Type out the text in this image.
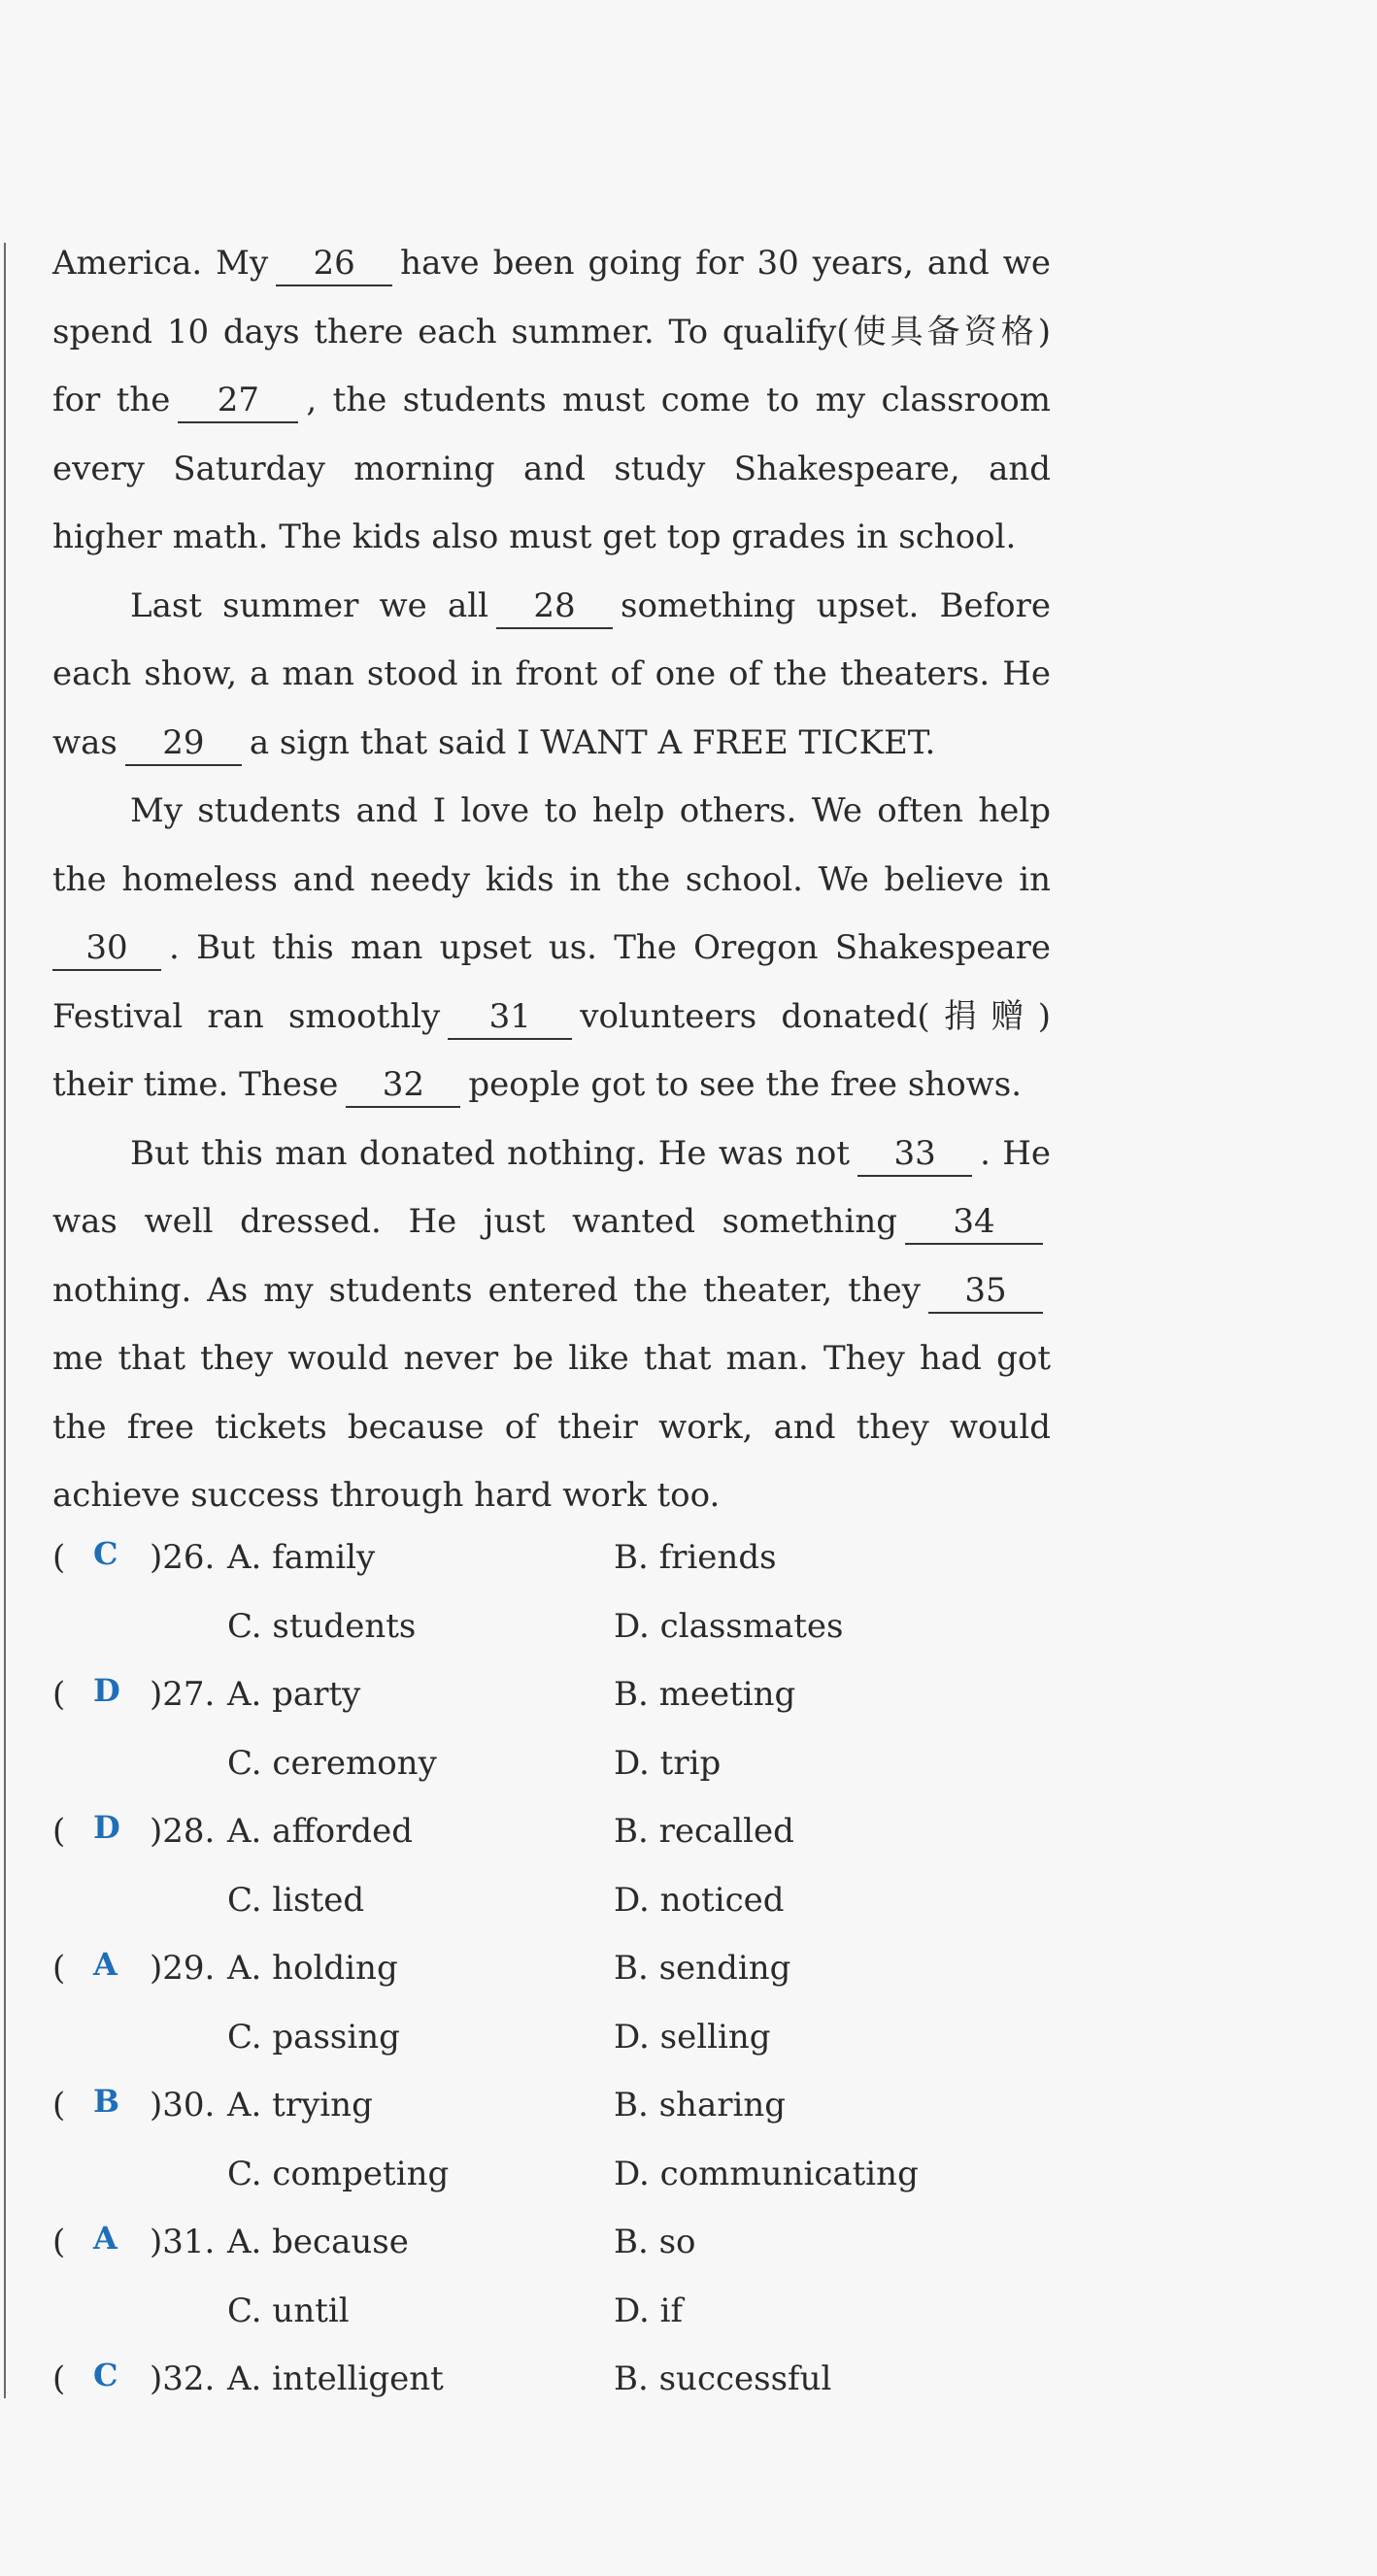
America. My 26 have been going for 30 years, and we spend 10 days there each summer. To qualify(使具备资格) for the 27 , the students must come to my classroom every Saturday morning and study Shakespeare, and higher math. The kids also must get top grades in school.

Last summer we all 28 something upset. Before each show, a man stood in front of one of the theaters. He was 29 a sign that said I WANT A FREE TICKET.

My students and I love to help others. We often help the homeless and needy kids in the school. We believe in30 . But this man upset us. The Oregon Shakespeare Festival ran smoothly 31 volunteers donated(捐赠) their time. These 32 people got to see the free shows.

But this man donated nothing. He was not 33 . He was well dressed. He just wanted something 34nothing. As my students entered the theater, they 35me that they would never be like that man. They had got the free tickets because of their work, and they would achieve success through hard work too.

( C )26. A. family	B. friends
C. students	D. classmates
( D )27. A. party	B. meeting
C. ceremony	D. trip
( D )28. A. afforded	B. recalled
C. listed	D. noticed
( A )29. A. holding	B. sending
C. passing	D. selling
( B )30. A. trying	B. sharing
C. competing	D. communicating
( A )31. A. because	B. so
C. until	D. if
( C )32. A. intelligent	B. successful
